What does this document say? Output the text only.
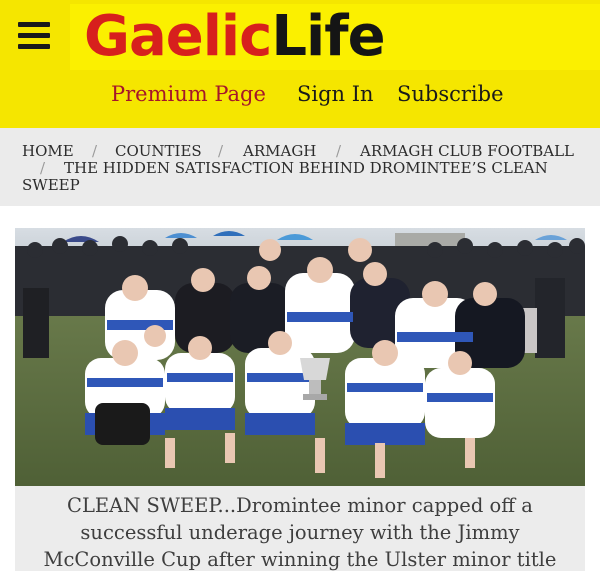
GaelicLife
Premium Page Sign In Subscribe
HOME / COUNTIES / ARMAGH / ARMAGH CLUB FOOTBALL
/ THE HIDDEN SATISFACTION BEHIND DROMINTEE’S CLEAN
SWEEP
CLEAN SWEEP...Dromintee minor capped off a
successful underage journey with the Jimmy
McConville Cup after winning the Ulster minor title
